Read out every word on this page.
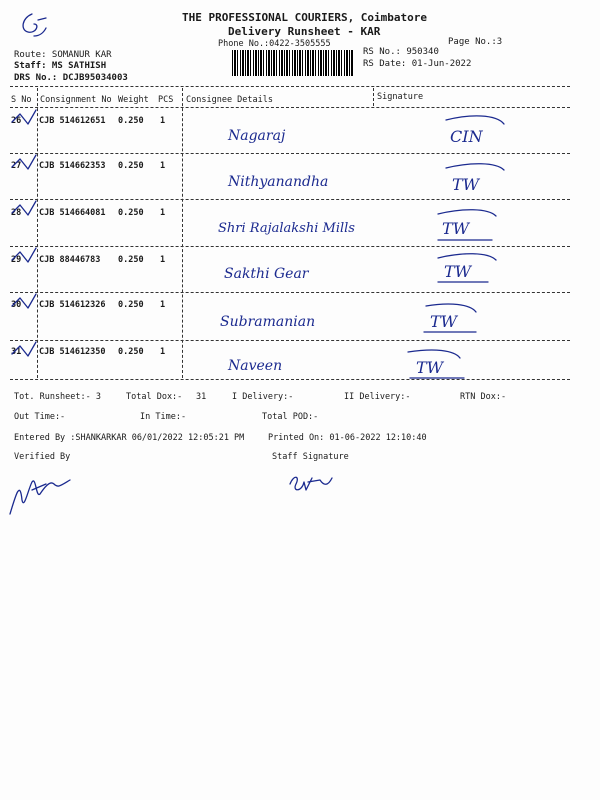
THE PROFESSIONAL COURIERS, Coimbatore
Delivery Runsheet - KAR
Phone No.:0422-3505555	Page No.:3
Route: SOMANUR KAR
Staff: MS SATHISH
DRS No.: DCJB95034003
RS No.: 950340
RS Date: 01-Jun-2022
S No Consignment No Weight PCS Consignee Details	Signature
26 CJB 514612651 0.250 1
Nagaraj	CIN
27 CJB 514662353 0.250 1
Nithyanandha	TW
28 CJB 514664081 0.250 1
Shri Rajalakshi Mills	TW
29 CJB 88446783 0.250 1
Sakthi Gear	TW
30 CJB 514612326 0.250 1
Subramanian	TW
31 CJB 514612350 0.250 1
Naveen	TW
Tot. Runsheet:- 3	Total Dox:- 31	I Delivery:-	II Delivery:-	RTN Dox:-
Out Time:-	In Time:-	Total POD:-
Entered By :SHANKARKAR 06/01/2022 12:05:21 PM	Printed On: 01-06-2022 12:10:40
Verified By	Staff Signature
